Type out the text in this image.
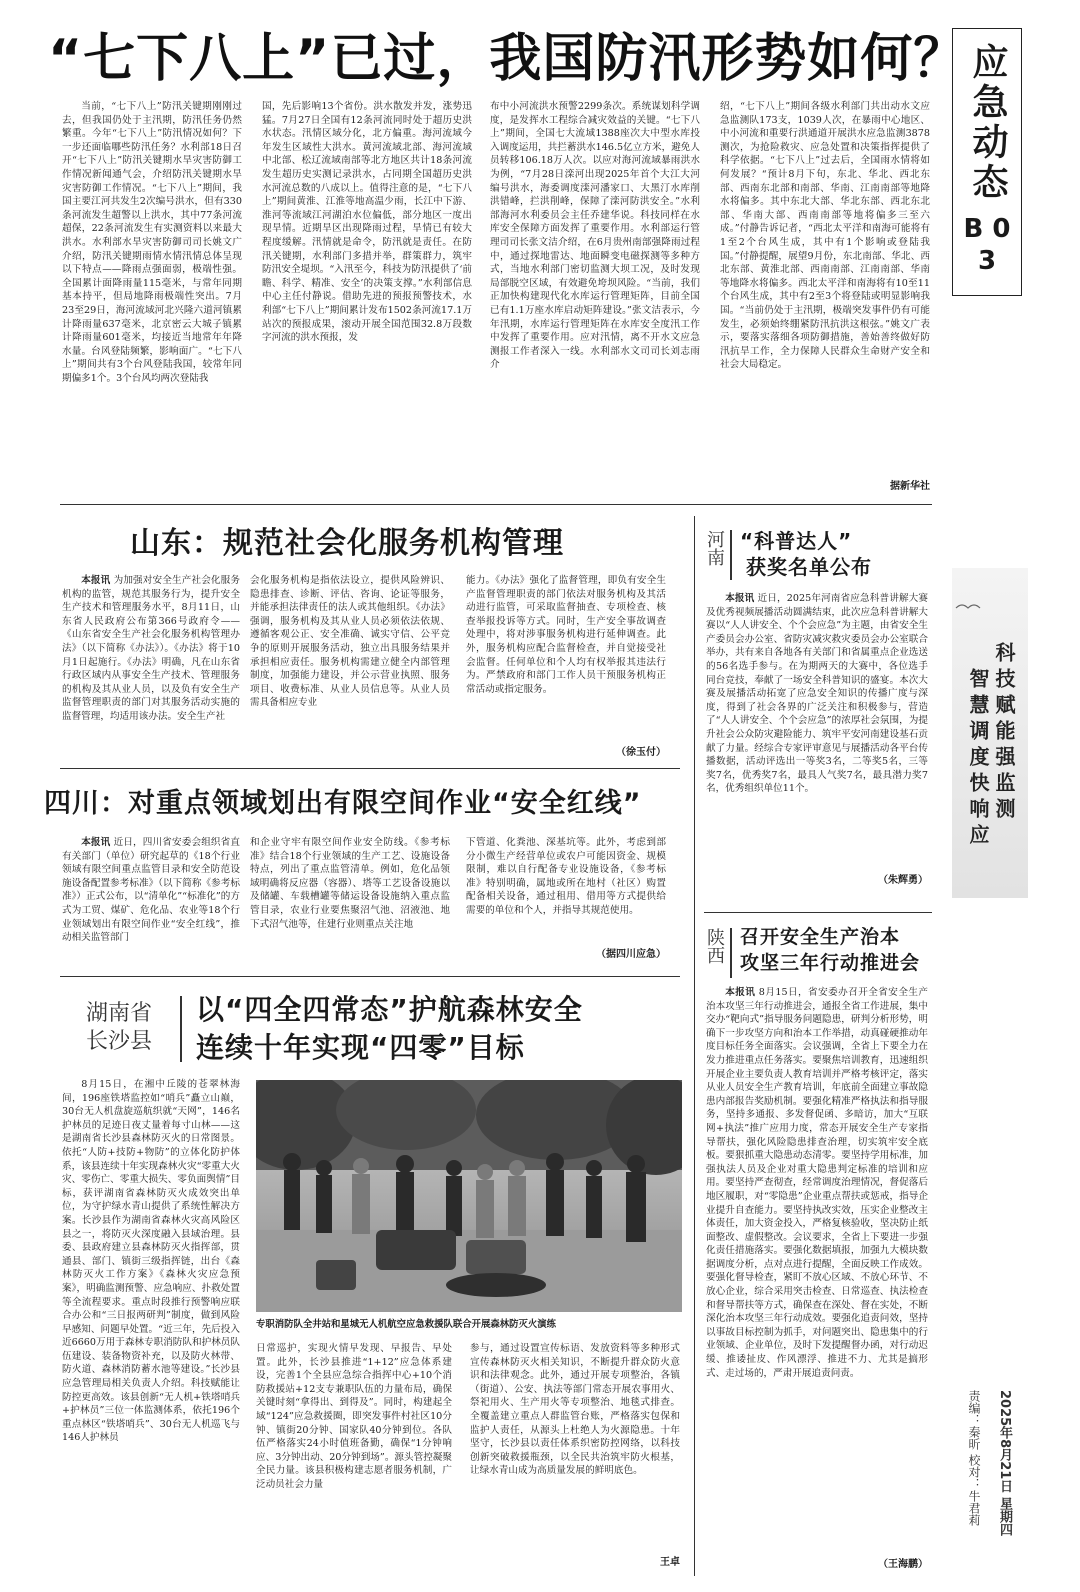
“七下八上”已过，我国防汛形势如何？ 应急动态
B 03

当前，“七下八上”防汛关键期刚刚过去，但我国仍处于主汛期，防汛任务仍然繁重。今年“七下八上”防汛情况如何？下一步还面临哪些防汛任务？水利部18日召开“七下八上”防汛关键期水旱灾害防御工作情况新闻通气会，介绍防汛关键期水旱灾害防御工作情况。“七下八上”期间，我国主要江河共发生2次编号洪水，但有330条河流发生超警以上洪水，其中77条河流超保，22条河流发生有实测资料以来最大洪水。水利部水旱灾害防御司司长姚文广介绍，防汛关键期雨情水情汛情总体呈现以下特点——降雨点强面弱，极端性强。全国累计面降雨量115毫米，与常年同期基本持平，但局地降雨极端性突出。7月23至29日，海河流域河北兴隆六道河镇累计降雨量637毫米，北京密云大城子镇累计降雨量601毫米，均接近当地常年年降水量。台风登陆频繁，影响面广。“七下八上”期间共有3个台风登陆我国，较常年同期偏多1个。3个台风均两次登陆我

国，先后影响13个省份。洪水散发并发，涨势迅猛。7月27日全国有12条河流同时处于超历史洪水状态。汛情区域分化，北方偏重。海河流域今年发生区域性大洪水。黄河流域北部、海河流域中北部、松辽流域南部等北方地区共计18条河流发生超历史实测记录洪水，占同期全国超历史洪水河流总数的八成以上。值得注意的是，“七下八上”期间黄淮、江淮等地高温少雨，长江中下游、淮河等流域江河湖泊水位偏低，部分地区一度出现旱情。近期旱区出现降雨过程，旱情已有较大程度缓解。汛情就是命令，防汛就是责任。在防汛关键期，水利部门多措并举，群策群力，筑牢防汛安全堤坝。“入汛至今，科技为防汛提供了‘前瞻、科学、精准、安全’的决策支撑。”水利部信息中心主任付静说。借助先进的预报预警技术，水利部“七下八上”期间累计发布1502条河流17.1万站次的预报成果，滚动开展全国范围32.8万段数字河流的洪水预报，发

布中小河流洪水预警2299条次。系统谋划科学调度，是发挥水工程综合减灾效益的关键。“七下八上”期间，全国七大流域1388座次大中型水库投入调度运用，共拦蓄洪水146.5亿立方米，避免人员转移106.18万人次。以应对海河流域暴雨洪水为例，“7月28日滦河出现2025年首个大江大河编号洪水，海委调度滦河潘家口、大黑汀水库削洪错峰，拦洪削峰，保障了滦河防洪安全。”水利部海河水利委员会主任乔建华说。科技同样在水库安全保障方面发挥了重要作用。水利部运行管理司司长张文洁介绍，在6月贵州南部强降雨过程中，通过探地雷达、地面瞬变电磁探测等多种方式，当地水利部门密切监测大坝工况，及时发现局部脱空区域，有效避免垮坝风险。“当前，我们正加快构建现代化水库运行管理矩阵，目前全国已有1.1万座水库启动矩阵建设。”张文洁表示，今年汛期，水库运行管理矩阵在水库安全度汛工作中发挥了重要作用。应对汛情，离不开水文应急测报工作者深入一线。水利部水文司司长刘志雨介

绍，“七下八上”期间各级水利部门共出动水文应急监测队173支，1039人次，在暴雨中心地区、中小河流和重要行洪通道开展洪水应急监测3878测次，为抢险救灾、应急处置和决策指挥提供了科学依据。“七下八上”过去后，全国雨水情将如何发展？“预计8月下旬，东北、华北、西北东部、西南东北部和南部、华南、江南南部等地降水将偏多。其中东北大部、华北东部、西北东北部、华南大部、西南南部等地将偏多三至六成。”付静告诉记者，“西北太平洋和南海可能将有1至2个台风生成，其中有1个影响或登陆我国。”付静提醒，展望9月份，东北南部、华北、西北东部、黄淮北部、西南南部、江南南部、华南等地降水将偏多。西北太平洋和南海将有10至11个台风生成，其中有2至3个将登陆或明显影响我国。“当前仍处于主汛期，极端突发事件仍有可能发生，必须始终绷紧防汛抗洪这根弦。”姚文广表示，要落实落细各项防御措施，善始善终做好防汛抗旱工作，全力保障人民群众生命财产安全和社会大局稳定。

据新华社
山东：规范社会化服务机构管理

本报讯 为加强对安全生产社会化服务机构的监管，规范其服务行为，提升安全生产技术和管理服务水平，8月11日，山东省人民政府公布第366号政府令——《山东省安全生产社会化服务机构管理办法》（以下简称《办法》）。《办法》将于10月1日起施行。《办法》明确，凡在山东省行政区域内从事安全生产技术、管理服务的机构及其从业人员，以及负有安全生产监督管理职责的部门对其服务活动实施的监督管理，均适用该办法。安全生产社

会化服务机构是指依法设立，提供风险辨识、隐患排查、诊断、评估、咨询、论证等服务，并能承担法律责任的法人或其他组织。《办法》强调，服务机构及其从业人员必须依法依规、遵循客观公正、安全准确、诚实守信、公平竞争的原则开展服务活动，独立出具服务结果并承担相应责任。服务机构需建立健全内部管理制度，加强能力建设，并公示营业执照、服务项目、收费标准、从业人员信息等。从业人员需具备相应专业

能力。《办法》强化了监督管理，即负有安全生产监督管理职责的部门依法对服务机构及其活动进行监管，可采取监督抽查、专项检查、核查举报投诉等方式。同时，生产安全事故调查处理中，将对涉事服务机构进行延伸调查。此外，服务机构应配合监督检查，并自觉接受社会监督。任何单位和个人均有权举报其违法行为。严禁政府和部门工作人员干预服务机构正常活动或指定服务。

（徐玉付）
四川：对重点领域划出有限空间作业“安全红线”

本报讯 近日，四川省安委会组织省直有关部门（单位）研究起草的《18个行业领域有限空间重点监管目录和安全防范设施设备配置参考标准》（以下简称《参考标准》）正式公布，以“清单化”“标准化”的方式为工贸、煤矿、危化品、农业等18个行业领域划出有限空间作业“安全红线”，推动相关监管部门

和企业守牢有限空间作业安全防线。《参考标准》结合18个行业领域的生产工艺、设施设备特点，列出了重点监管清单。例如，危化品领域明确将反应器（容器）、塔等工艺设备设施以及储罐、车载槽罐等储运设备设施纳入重点监管目录，农业行业要焦聚沼气池、沼液池、地下式沼气池等，住建行业则重点关注地

下管道、化粪池、深基坑等。此外，考虑到部分小微生产经营单位或农户可能因资金、规模限制，难以自行配备专业设施设备，《参考标准》特别明确，属地或所在地村（社区）购置配备相关设备，通过租用、借用等方式提供给需要的单位和个人，并指导其规范使用。

（据四川应急）
湖南省长沙县
以“四全四常态”护航森林安全
连续十年实现“四零”目标
专职消防队全井站和星城无人机航空应急救援队联合开展森林防灭火演练

8月15日，在湘中丘陵的苍翠林海间，196座铁塔监控如“哨兵”矗立山巅，30台无人机盘旋巡航织就“天网”，146名护林员的足迹日夜丈量着每寸山林——这是湖南省长沙县森林防灭火的日常图景。依托“人防+技防+物防”的立体化防护体系，该县连续十年实现森林火灾“零重大火灾、零伤亡、零重大损失、零负面舆情”目标，获评湖南省森林防灭火成效突出单位，为守护绿水青山提供了系统性解决方案。长沙县作为湖南省森林火灾高风险区县之一，将防灭火深度融入县域治理。县委、县政府建立县森林防灭火指挥部，贯通县、部门、镇街三级指挥链，出台《森林防灭火工作方案》《森林火灾应急预案》，明确监测预警、应急响应、扑救处置等全流程要求。重点时段推行预警响应联合办公和“三日报两研判”制度，做到风险早感知、问题早处置。“近三年，先后投入近6660万用于森林专职消防队和护林员队伍建设、装备物资补充，以及防火林带、防火道、森林消防蓄水池等建设。”长沙县应急管理局相关负责人介绍。科技赋能让防控更高效。该县创新“无人机+铁塔哨兵+护林员”三位一体监测体系，依托196个重点林区“铁塔哨兵”、30台无人机巡飞与146人护林员

日常巡护，实现火情早发现、早报告、早处置。此外，长沙县推进“1+12”应急体系建设，完善1个全县应急综合指挥中心+10个消防救援站+12支专兼职队伍的力量布局，确保关键时刻“拿得出、到得及”。同时，构建起全域“124”应急救援圈，即突发事件村社区10分钟、镇街20分钟、国家队40分钟到位。各队伍严格落实24小时值班备勤，确保“1分钟响应、3分钟出动、20分钟到场”。源头管控凝聚全民力量。该县积极构建志愿者服务机制，广泛动员社会力量

参与，通过设置宣传标语、发放资料等多种形式宣传森林防灭火相关知识，不断提升群众防火意识和法律观念。此外，通过开展专项整治，各镇（街道）、公安、执法等部门常态开展农事用火、祭祀用火、生产用火等专项整治、地毯式排查。全覆盖建立重点人群监管台账，严格落实包保和监护人责任，从源头上杜绝人为火源隐患。十年坚守，长沙县以责任体系织密防控网络，以科技创新突破救援瓶颈，以全民共治筑牢防火根基，让绿水青山成为高质量发展的鲜明底色。

王卓
河南 “科普达人”
获奖名单公布

本报讯 近日，2025年河南省应急科普讲解大赛及优秀视频展播活动圆满结束，此次应急科普讲解大赛以“人人讲安全、个个会应急”为主题，由省安全生产委员会办公室、省防灾减灾救灾委员会办公室联合举办，共有来自各地各有关部门和省属重点企业选送的56名选手参与。在为期两天的大赛中，各位选手同台竞技，奉献了一场安全科普知识的盛宴。本次大赛及展播活动拓宽了应急安全知识的传播广度与深度，得到了社会各界的广泛关注和积极参与，营造了“人人讲安全、个个会应急”的浓厚社会氛围，为提升社会公众防灾避险能力、筑牢平安河南建设基石贡献了力量。经综合专家评审意见与展播活动各平台传播数据，活动评选出一等奖3名，二等奖5名，三等奖7名，优秀奖7名，最具人气奖7名，最具潜力奖7名，优秀组织单位11个。

（朱辉勇）
科技赋能强监测
智慧调度快响应
陕西 召开安全生产治本
攻坚三年行动推进会

本报讯 8月15日，省安委办召开全省安全生产治本攻坚三年行动推进会，通报全省工作进展，集中交办“靶向式”指导服务问题隐患，研判分析形势，明确下一步攻坚方向和治本工作举措，动真碰硬推动年度目标任务全面落实。会议强调，全省上下要全力在发力推进重点任务落实。要聚焦培训教育，迅速组织开展企业主要负责人教育培训并严格考核评定，落实从业人员安全生产教育培训，年底前全面建立事故隐患内部报告奖励机制。要强化精准严格执法和指导服务，坚持多通报、多发督促函、多暗访，加大“互联网+执法”推广应用力度，常态开展安全生产专家指导帮扶，强化风险隐患排查治理，切实筑牢安全底板。要狠抓重大隐患动态清零。要坚持学用标准，加强执法人员及企业对重大隐患判定标准的培训和应用。要坚持严查彻查，经常调度治理情况，督促落后地区履职，对“零隐患”企业重点帮扶或惩戒，指导企业提升自查能力。要坚持执改实效，压实企业整改主体责任，加大资金投入，严格复核验收，坚决防止纸面整改、虚假整改。会议要求，全省上下要进一步强化责任措施落实。要强化数据填报，加强九大模块数据调度分析，点对点进行提醒，全面反映工作成效。要强化督导检查，紧盯不放心区域、不放心环节、不放心企业，综合采用突击检查、日常巡查、执法检查和督导帮扶等方式，确保查在深处、督在实处，不断深化治本攻坚三年行动成效。要强化追责问效，坚持以事故目标控制为抓手，对问题突出、隐患集中的行业领域、企业单位，及时下发提醒督办函，对行动迟缓、推诿扯皮、作风漂浮、推进不力、尤其是搞形式、走过场的，严肃开展追责问责。

（王海鹏）
2025年8月21日 星期四
责编：秦昕 校对：牛君莉
